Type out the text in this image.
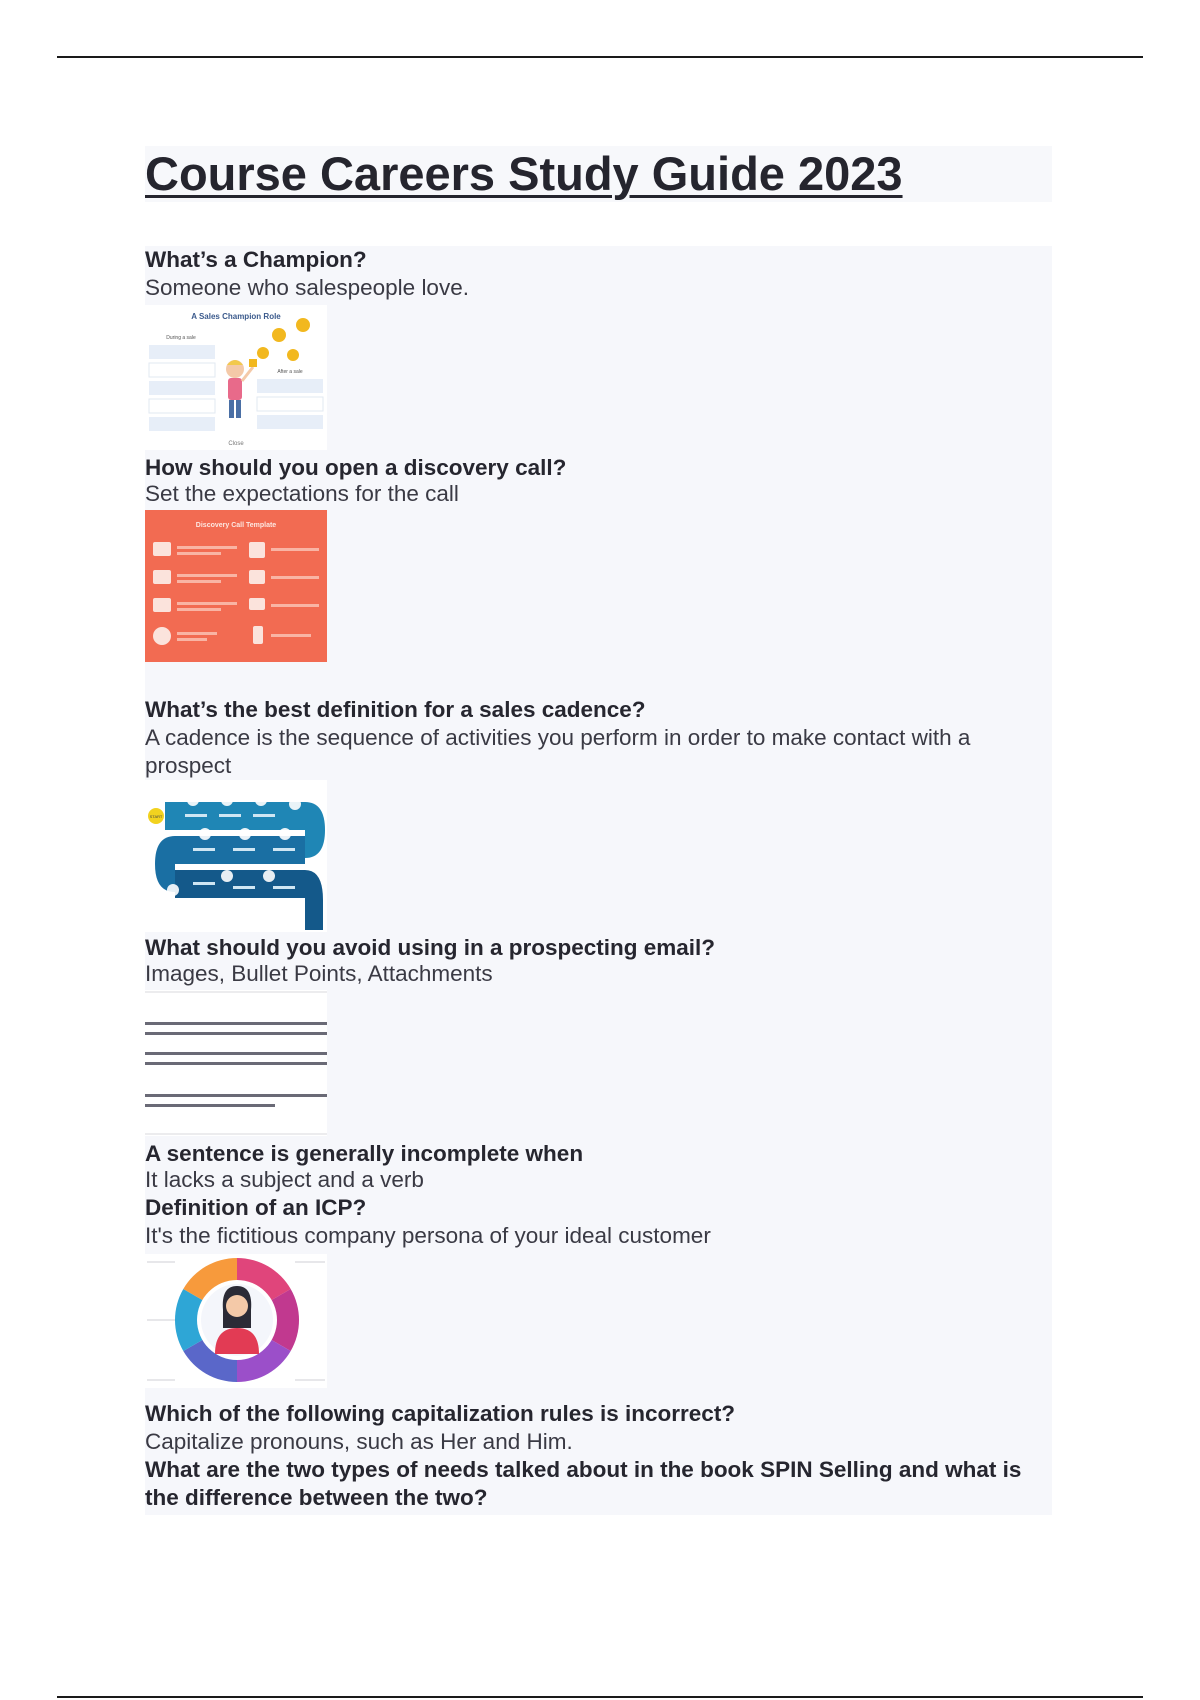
Course Careers Study Guide 2023

What’s a Champion?

Someone who salespeople love.

A Sales Champion Role
During a sale
After a sale
Close

How should you open a discovery call?

Set the expectations for the call

Discovery Call Template

What’s the best definition for a sales cadence?

A cadence is the sequence of activities you perform in order to make contact with a prospect

START

What should you avoid using in a prospecting email?

Images, Bullet Points, Attachments

A sentence is generally incomplete when

It lacks a subject and a verb

Definition of an ICP?

It's the fictitious company persona of your ideal customer

Which of the following capitalization rules is incorrect?

Capitalize pronouns, such as Her and Him.

What are the two types of needs talked about in the book SPIN Selling and what is the difference between the two?
